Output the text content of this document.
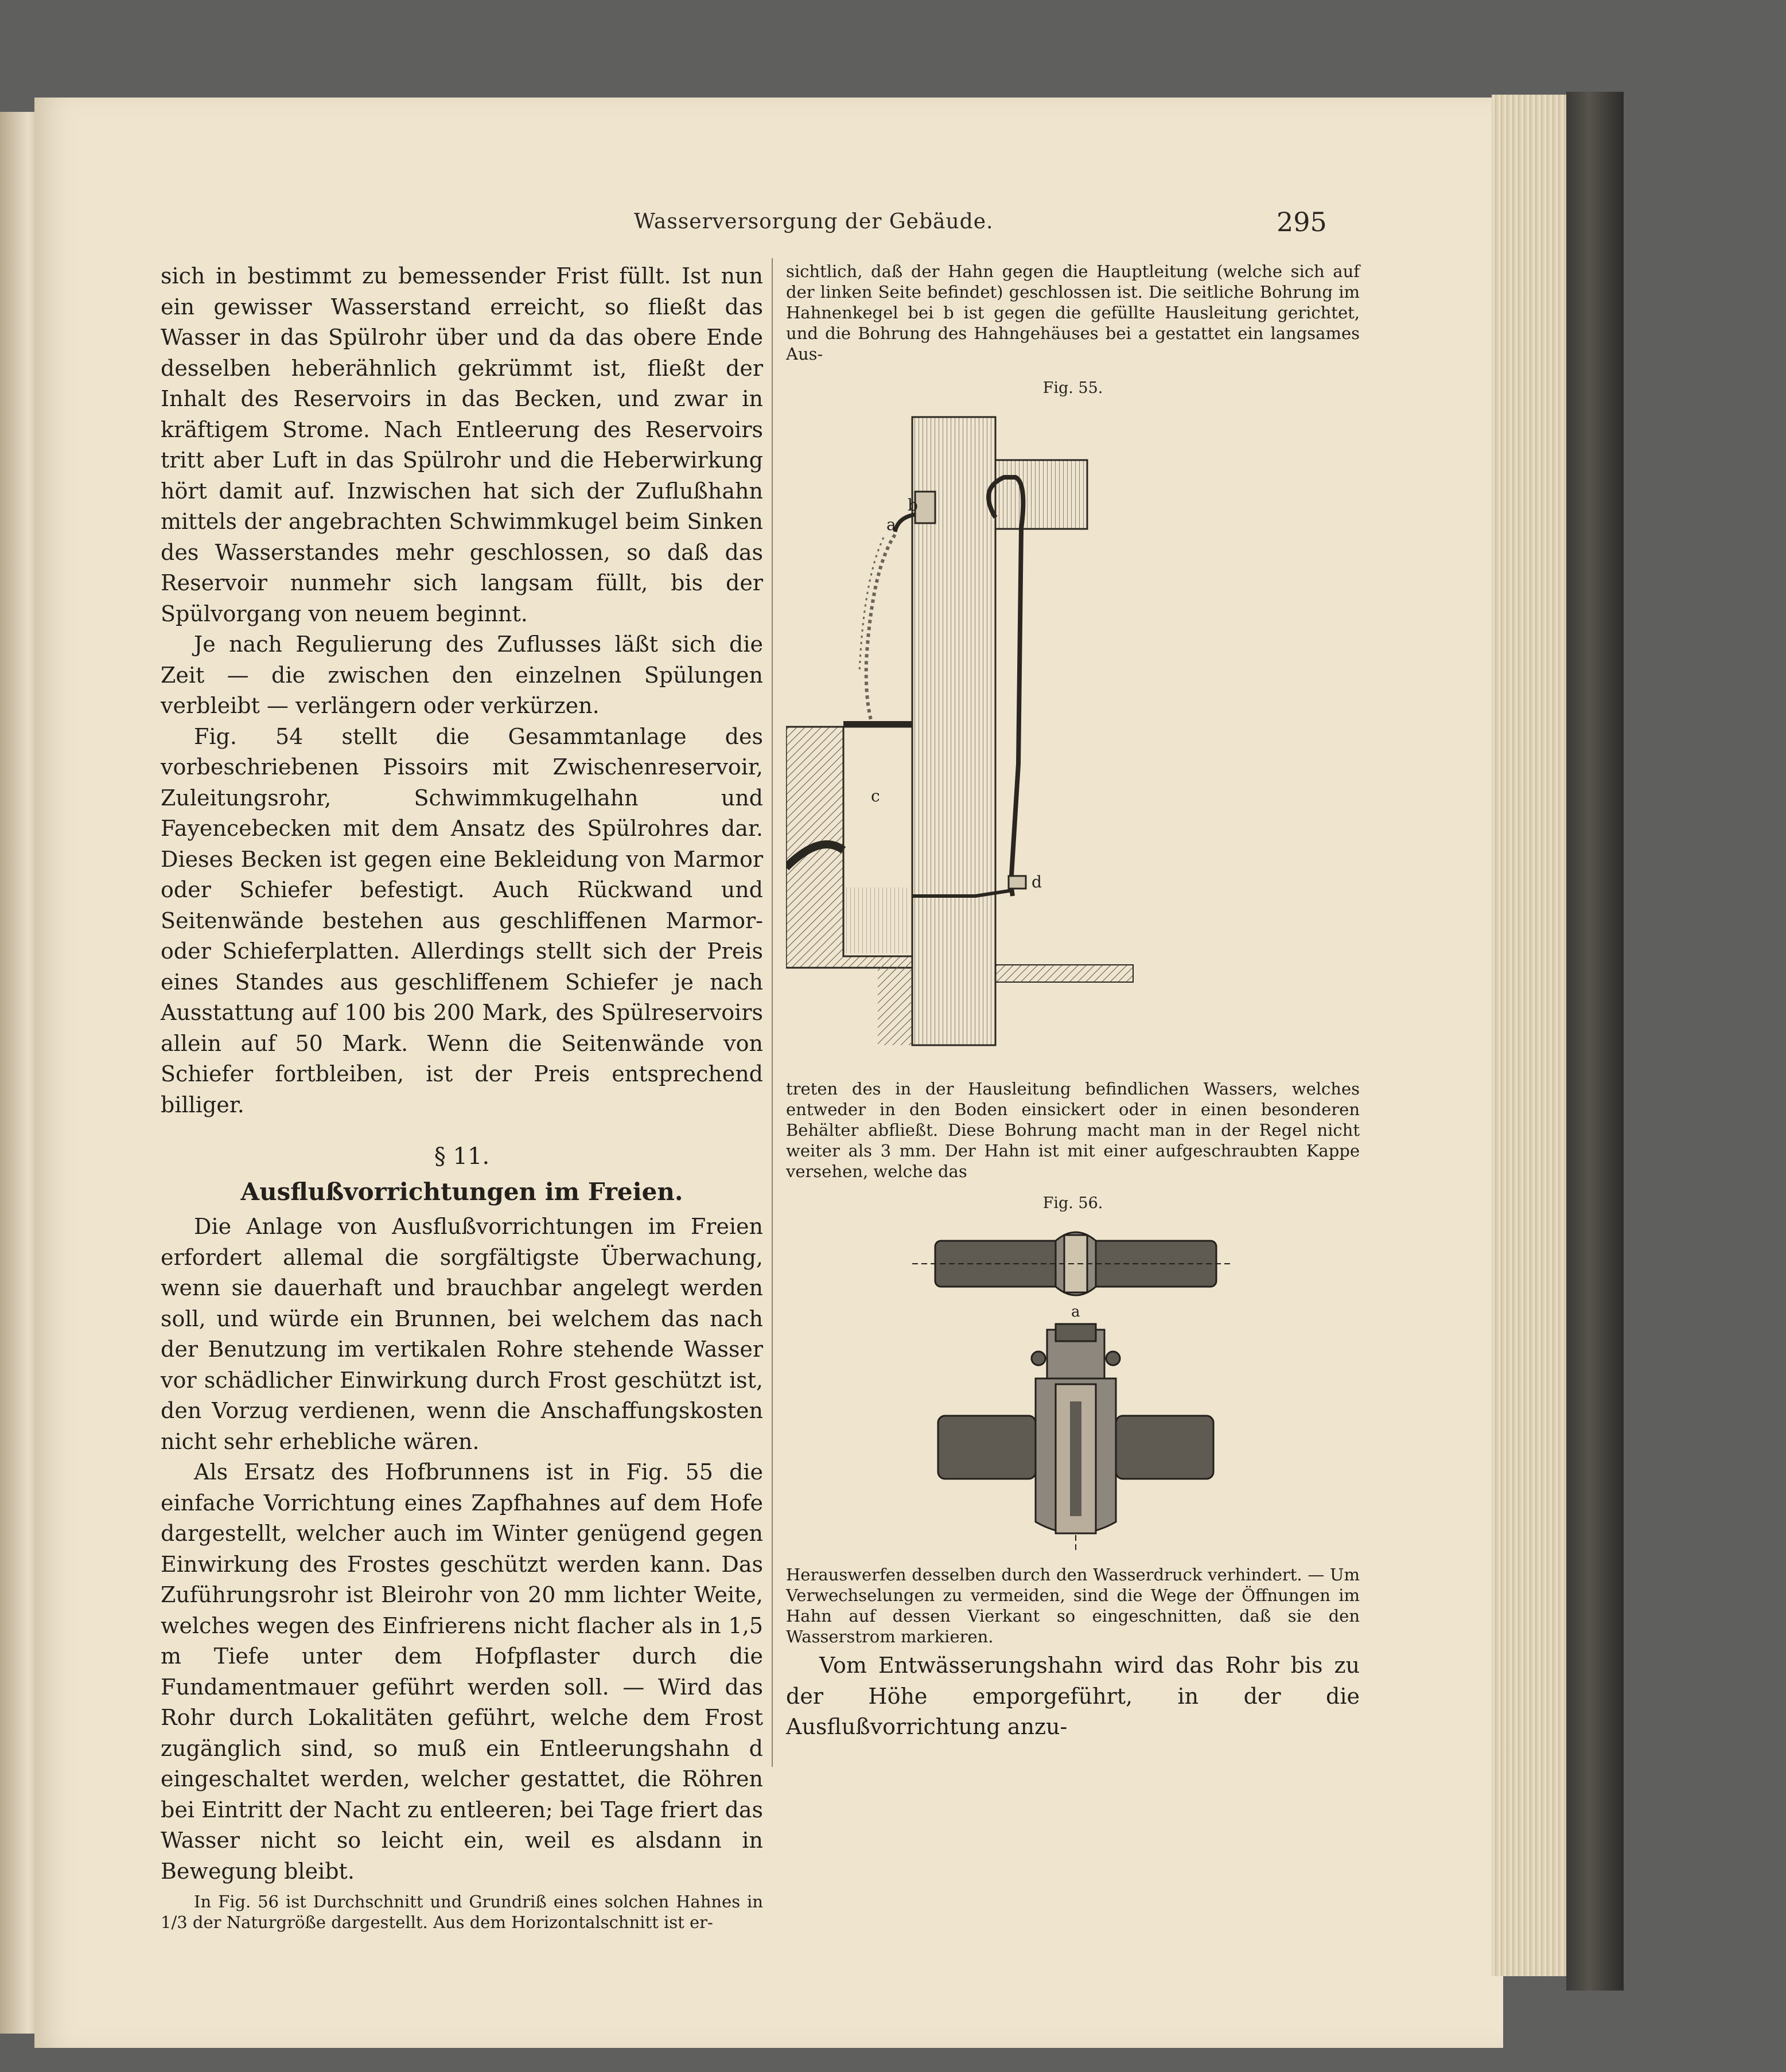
Wasserversorgung der Gebäude.	295

sich in bestimmt zu bemessender Frist füllt. Ist nun ein gewisser Wasserstand erreicht, so fließt das Wasser in das Spülrohr über und da das obere Ende desselben heberähnlich gekrümmt ist, fließt der Inhalt des Reservoirs in das Becken, und zwar in kräftigem Strome. Nach Entleerung des Reservoirs tritt aber Luft in das Spülrohr und die Heberwirkung hört damit auf. Inzwischen hat sich der Zuflußhahn mittels der angebrachten Schwimmkugel beim Sinken des Wasserstandes mehr geschlossen, so daß das Reservoir nunmehr sich langsam füllt, bis der Spülvorgang von neuem beginnt.

Je nach Regulierung des Zuflusses läßt sich die Zeit — die zwischen den einzelnen Spülungen verbleibt — verlängern oder verkürzen.

Fig. 54 stellt die Gesammtanlage des vorbeschriebenen Pissoirs mit Zwischenreservoir, Zuleitungsrohr, Schwimmkugelhahn und Fayencebecken mit dem Ansatz des Spülrohres dar. Dieses Becken ist gegen eine Bekleidung von Marmor oder Schiefer befestigt. Auch Rückwand und Seitenwände bestehen aus geschliffenen Marmor- oder Schieferplatten. Allerdings stellt sich der Preis eines Standes aus geschliffenem Schiefer je nach Ausstattung auf 100 bis 200 Mark, des Spülreservoirs allein auf 50 Mark. Wenn die Seitenwände von Schiefer fortbleiben, ist der Preis entsprechend billiger.

§ 11.
Ausflußvorrichtungen im Freien.

Die Anlage von Ausflußvorrichtungen im Freien erfordert allemal die sorgfältigste Überwachung, wenn sie dauerhaft und brauchbar angelegt werden soll, und würde ein Brunnen, bei welchem das nach der Benutzung im vertikalen Rohre stehende Wasser vor schädlicher Einwirkung durch Frost geschützt ist, den Vorzug verdienen, wenn die Anschaffungskosten nicht sehr erhebliche wären.

Als Ersatz des Hofbrunnens ist in Fig. 55 die einfache Vorrichtung eines Zapfhahnes auf dem Hofe dargestellt, welcher auch im Winter genügend gegen Einwirkung des Frostes geschützt werden kann. Das Zuführungsrohr ist Bleirohr von 20 mm lichter Weite, welches wegen des Einfrierens nicht flacher als in 1,5 m Tiefe unter dem Hofpflaster durch die Fundamentmauer geführt werden soll. — Wird das Rohr durch Lokalitäten geführt, welche dem Frost zugänglich sind, so muß ein Entleerungshahn d eingeschaltet werden, welcher gestattet, die Röhren bei Eintritt der Nacht zu entleeren; bei Tage friert das Wasser nicht so leicht ein, weil es alsdann in Bewegung bleibt.

In Fig. 56 ist Durchschnitt und Grundriß eines solchen Hahnes in 1/3 der Naturgröße dargestellt. Aus dem Horizontalschnitt ist er-

sichtlich, daß der Hahn gegen die Hauptleitung (welche sich auf der linken Seite befindet) geschlossen ist. Die seitliche Bohrung im Hahnenkegel bei b ist gegen die gefüllte Hausleitung gerichtet, und die Bohrung des Hahngehäuses bei a gestattet ein langsames Aus-

Fig. 55.
b
a
c
d

treten des in der Hausleitung befindlichen Wassers, welches entweder in den Boden einsickert oder in einen besonderen Behälter abfließt. Diese Bohrung macht man in der Regel nicht weiter als 3 mm. Der Hahn ist mit einer aufgeschraubten Kappe versehen, welche das

Fig. 56.
a

Herauswerfen desselben durch den Wasserdruck verhindert. — Um Verwechselungen zu vermeiden, sind die Wege der Öffnungen im Hahn auf dessen Vierkant so eingeschnitten, daß sie den Wasserstrom markieren.

Vom Entwässerungshahn wird das Rohr bis zu der Höhe emporgeführt, in der die Ausflußvorrichtung anzu-
